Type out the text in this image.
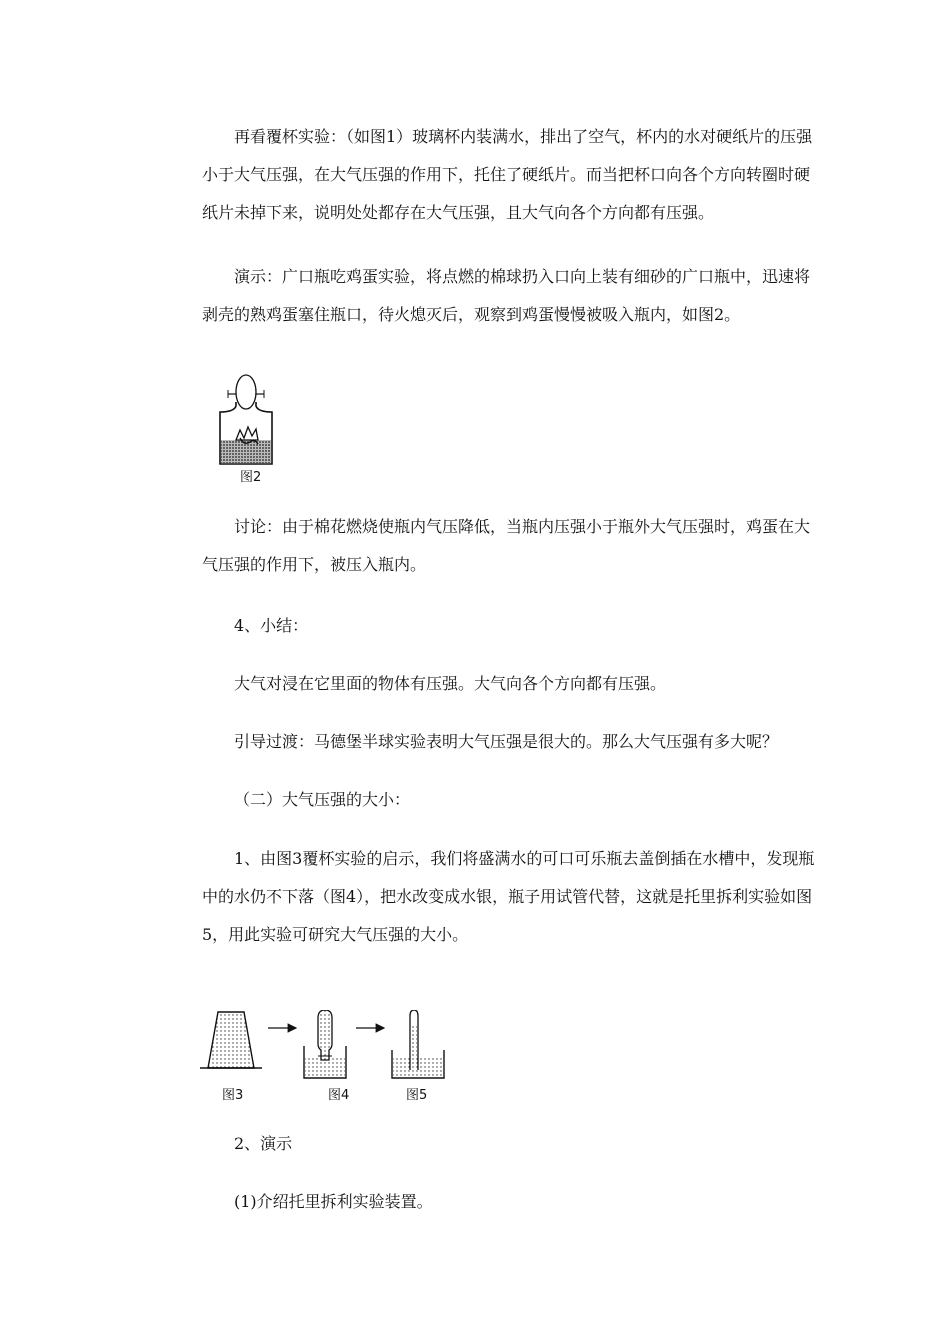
再看覆杯实验：（如图1）玻璃杯内装满水，排出了空气，杯内的水对硬纸片的压强小于大气压强，在大气压强的作用下，托住了硬纸片。而当把杯口向各个方向转圈时硬纸片未掉下来，说明处处都存在大气压强，且大气向各个方向都有压强。

演示：广口瓶吃鸡蛋实验，将点燃的棉球扔入口向上装有细砂的广口瓶中，迅速将剥壳的熟鸡蛋塞住瓶口，待火熄灭后，观察到鸡蛋慢慢被吸入瓶内，如图2。

图2

讨论：由于棉花燃烧使瓶内气压降低，当瓶内压强小于瓶外大气压强时，鸡蛋在大气压强的作用下，被压入瓶内。

4、小结：

大气对浸在它里面的物体有压强。大气向各个方向都有压强。

引导过渡：马德堡半球实验表明大气压强是很大的。那么大气压强有多大呢？

（二）大气压强的大小：

1、由图3覆杯实验的启示，我们将盛满水的可口可乐瓶去盖倒插在水槽中，发现瓶中的水仍不下落（图4），把水改变成水银，瓶子用试管代替，这就是托里拆利实验如图5，用此实验可研究大气压强的大小。

图3	图4	图5

2、演示

(1)介绍托里拆利实验装置。
